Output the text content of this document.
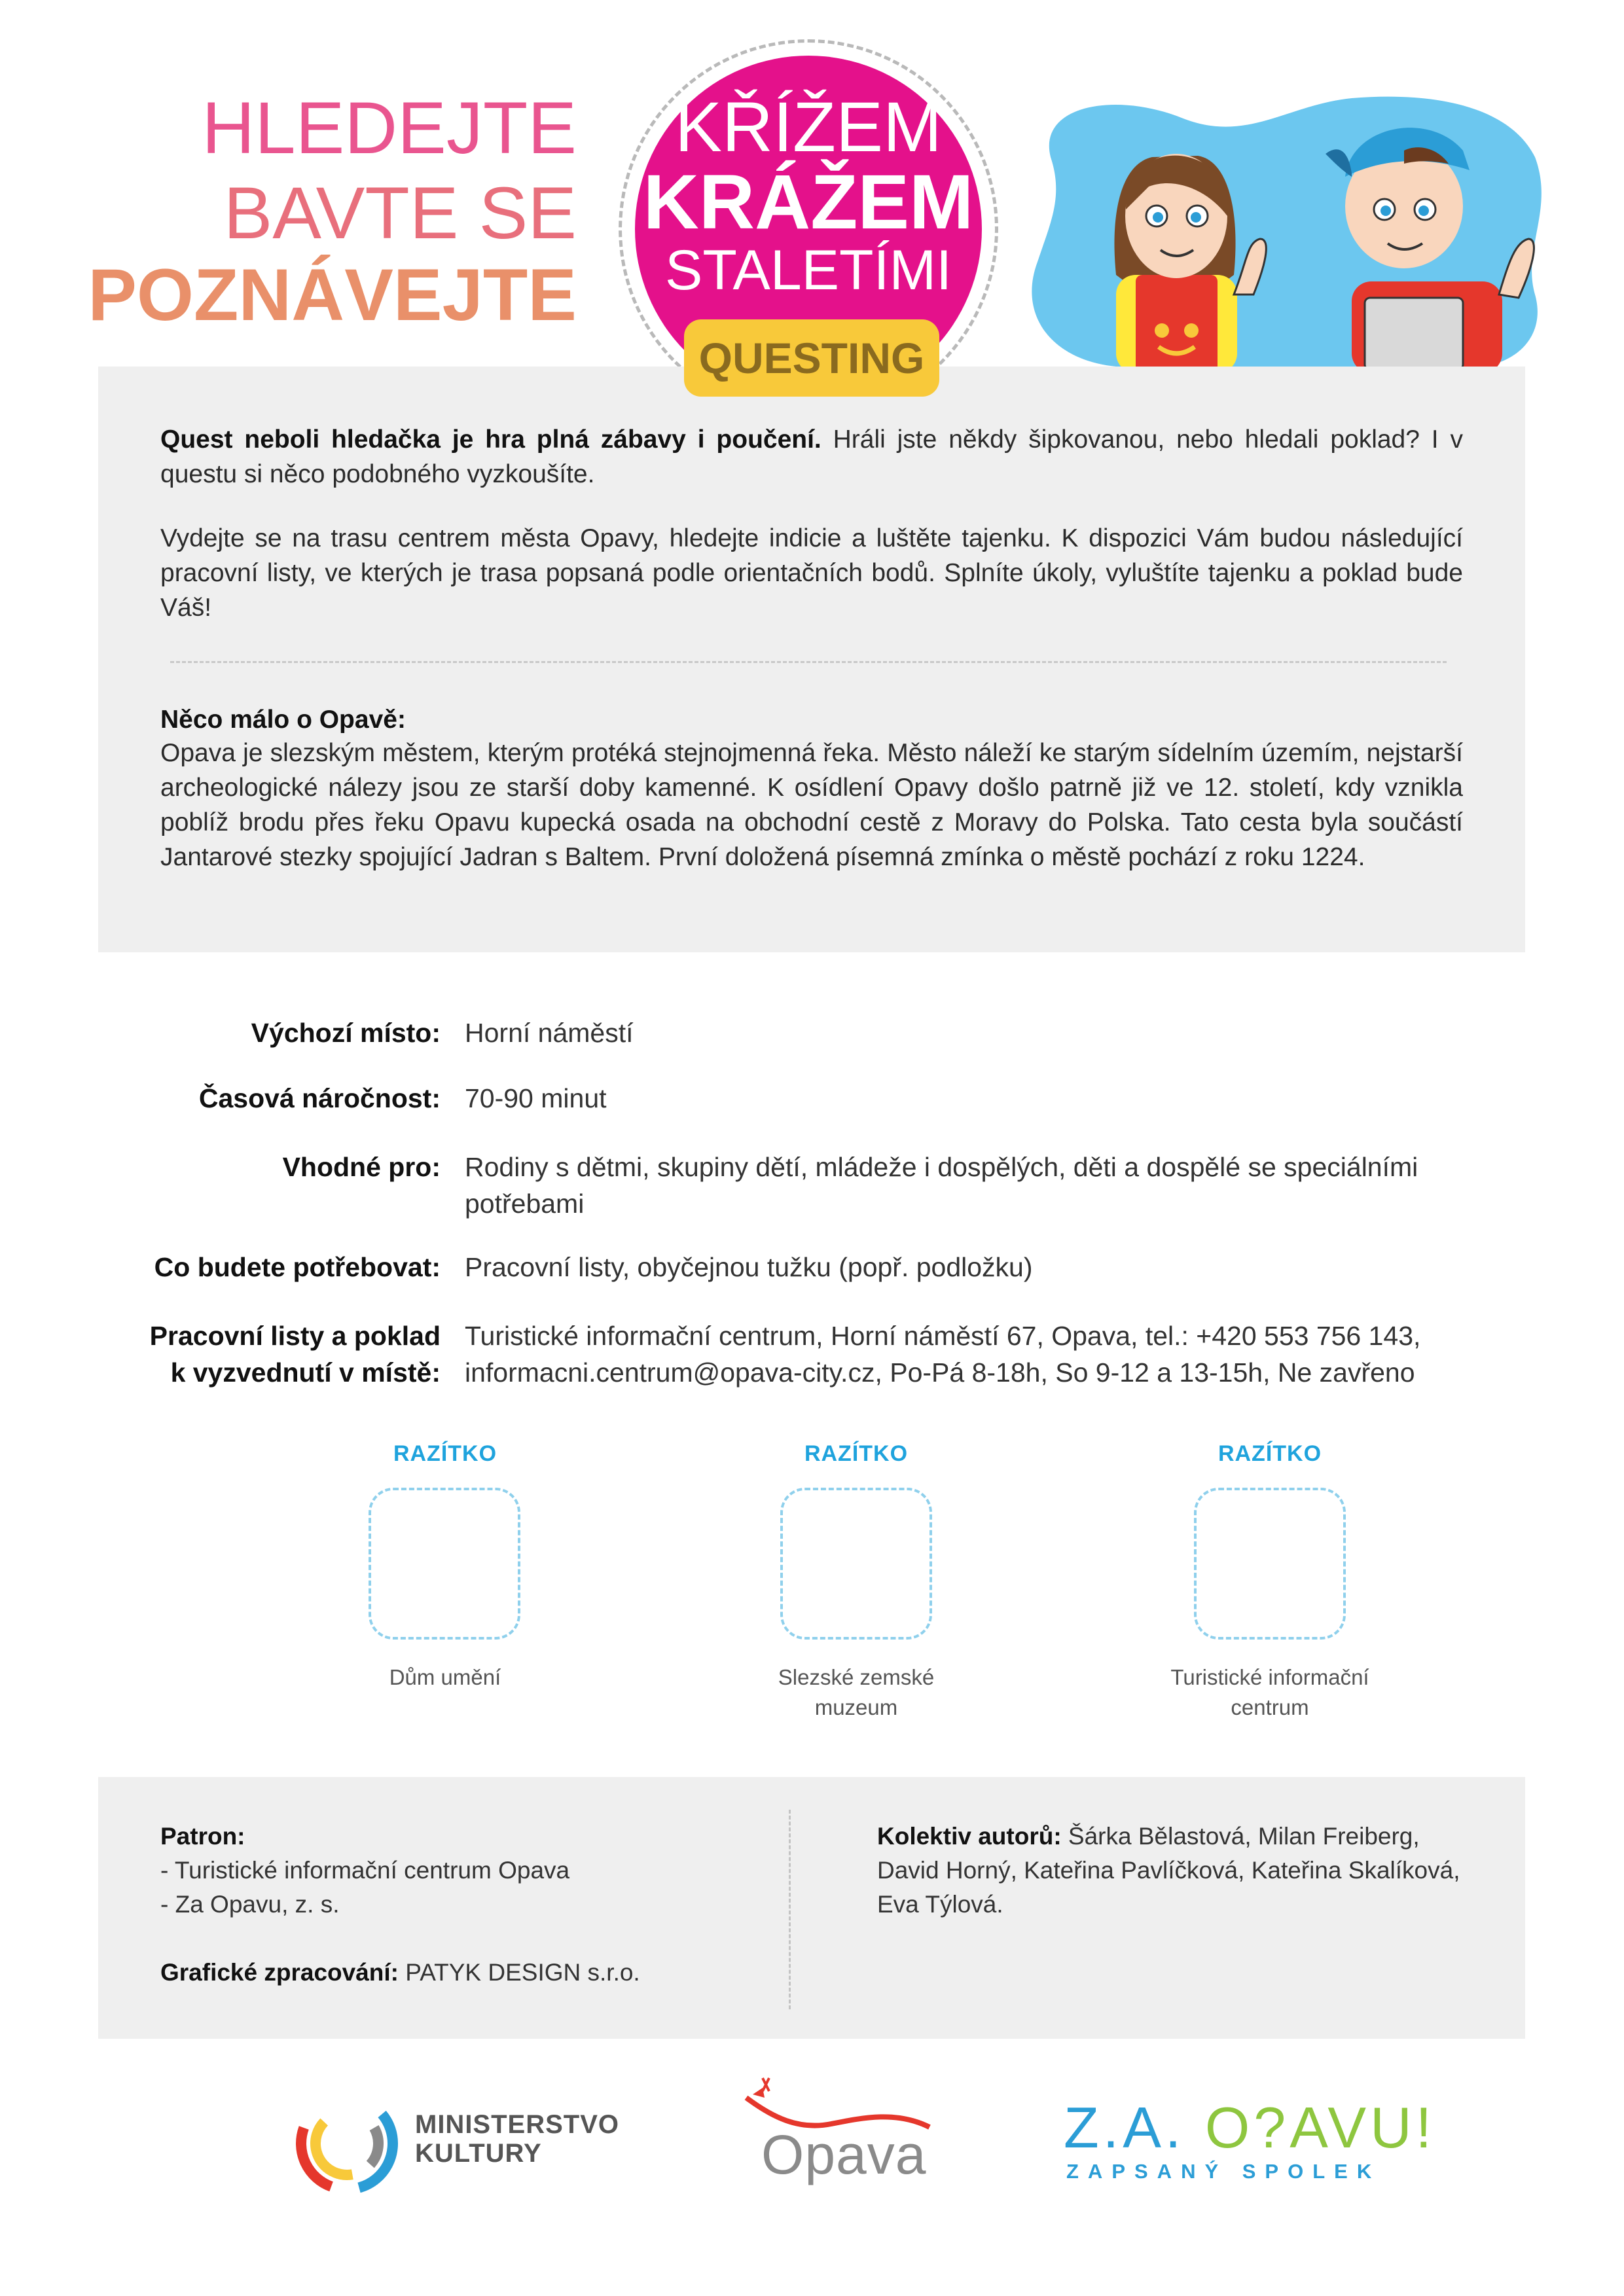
HLEDEJTE
BAVTE SE
POZNÁVEJTE
KŘÍŽEM
KRÁŽEM
STALETÍMI
QUESTING
Quest neboli hledačka je hra plná zábavy i poučení. Hráli jste někdy šipkovanou, nebo hledali poklad? I v questu si něco podobného vyzkoušíte.
Vydejte se na trasu centrem města Opavy, hledejte indicie a luštěte tajenku. K dispozici Vám budou následující pracovní listy, ve kterých je trasa popsaná podle orientačních bodů. Splníte úkoly, vyluštíte tajenku a poklad bude Váš!
Něco málo o Opavě:
Opava je slezským městem, kterým protéká stejnojmenná řeka. Město náleží ke starým sídelním územím, nejstarší archeologické nálezy jsou ze starší doby kamenné. K osídlení Opavy došlo patrně již ve 12. století, kdy vznikla poblíž brodu přes řeku Opavu kupecká osada na obchodní cestě z Moravy do Polska. Tato cesta byla součástí Jantarové stezky spojující Jadran s Baltem. První doložená písemná zmínka o městě pochází z roku 1224.
Výchozí místo: Horní náměstí
Časová náročnost: 70-90 minut
Vhodné pro: Rodiny s dětmi, skupiny dětí, mládeže i dospělých, děti a dospělé se speciálními potřebami
Co budete potřebovat: Pracovní listy, obyčejnou tužku (popř. podložku)
Pracovní listy a poklad
k vyzvednutí v místě:
Turistické informační centrum, Horní náměstí 67, Opava, tel.: +420 553 756 143,
informacni.centrum@opava-city.cz, Po-Pá 8-18h, So 9-12 a 13-15h, Ne zavřeno
RAZÍTKO
Dům umění
RAZÍTKO
Slezské zemské
muzeum
RAZÍTKO
Turistické informační
centrum
Patron:
- Turistické informační centrum Opava
- Za Opavu, z. s.
Grafické zpracování: PATYK DESIGN s.r.o.
Kolektiv autorů: Šárka Bělastová, Milan Freiberg,
David Horný, Kateřina Pavlíčková, Kateřina Skalíková,
Eva Týlová.
MINISTERSTVO
KULTURY	Opava Z.A. O?AVU!
ZAPSANÝ SPOLEK
